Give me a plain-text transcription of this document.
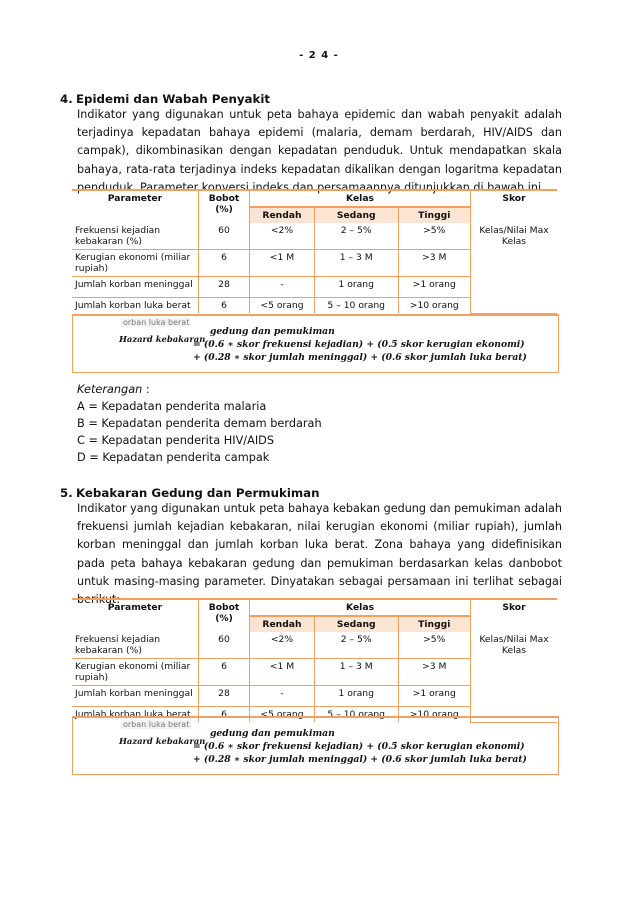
- 2 4 -
4. Epidemi dan Wabah Penyakit
Indikator yang digunakan untuk peta bahaya epidemic dan wabah penyakit adalah terjadinya kepadatan bahaya epidemi (malaria, demam berdarah, HIV/AIDS dan campak), dikombinasikan dengan kepadatan penduduk. Untuk mendapatkan skala bahaya, rata-rata terjadinya indeks kepadatan dikalikan dengan logaritma kepadatan penduduk. Parameter konversi indeks dan persamaannya ditunjukkan di bawah ini.
Parameter	Bobot (%)	Kelas			Skor
		Rendah	Sedang	Tinggi	
Frekuensi kejadian kebakaran (%)	60	<2%	2 – 5%	>5%	Kelas/Nilai Max Kelas
Kerugian ekonomi (miliar rupiah)	6	<1 M	1 – 3 M	>3 M	
Jumlah korban meninggal	28	-	1 orang	>1 orang	
Jumlah korban luka berat	6	<5 orang	5 – 10 orang	>10 orang	
orban luka berat
Hazard kebakaran
gedung dan pemukiman
= (0.6 ∗ skor frekuensi kejadian) + (0.5 skor kerugian ekonomi)
+ (0.28 ∗ skor jumlah meninggal) + (0.6 skor jumlah luka berat)
Keterangan :
A = Kepadatan penderita malaria
B = Kepadatan penderita demam berdarah
C = Kepadatan penderita HIV/AIDS
D = Kepadatan penderita campak
5. Kebakaran Gedung dan Permukiman
Indikator yang digunakan untuk peta bahaya kebakan gedung dan pemukiman adalah frekuensi jumlah kejadian kebakaran, nilai kerugian ekonomi (miliar rupiah), jumlah korban meninggal dan jumlah korban luka berat. Zona bahaya yang didefinisikan pada peta bahaya kebakaran gedung dan pemukiman berdasarkan kelas danbobot untuk masing-masing parameter. Dinyatakan sebagai persamaan ini terlihat sebagai berikut:
Parameter	Bobot (%)	Kelas			Skor
		Rendah	Sedang	Tinggi	
Frekuensi kejadian kebakaran (%)	60	<2%	2 – 5%	>5%	Kelas/Nilai Max Kelas
Kerugian ekonomi (miliar rupiah)	6	<1 M	1 – 3 M	>3 M	
Jumlah korban meninggal	28	-	1 orang	>1 orang	
Jumlah korban luka berat	6	<5 orang	5 – 10 orang	>10 orang	
orban luka berat
Hazard kebakaran
gedung dan pemukiman
= (0.6 ∗ skor frekuensi kejadian) + (0.5 skor kerugian ekonomi)
+ (0.28 ∗ skor jumlah meninggal) + (0.6 skor jumlah luka berat)
